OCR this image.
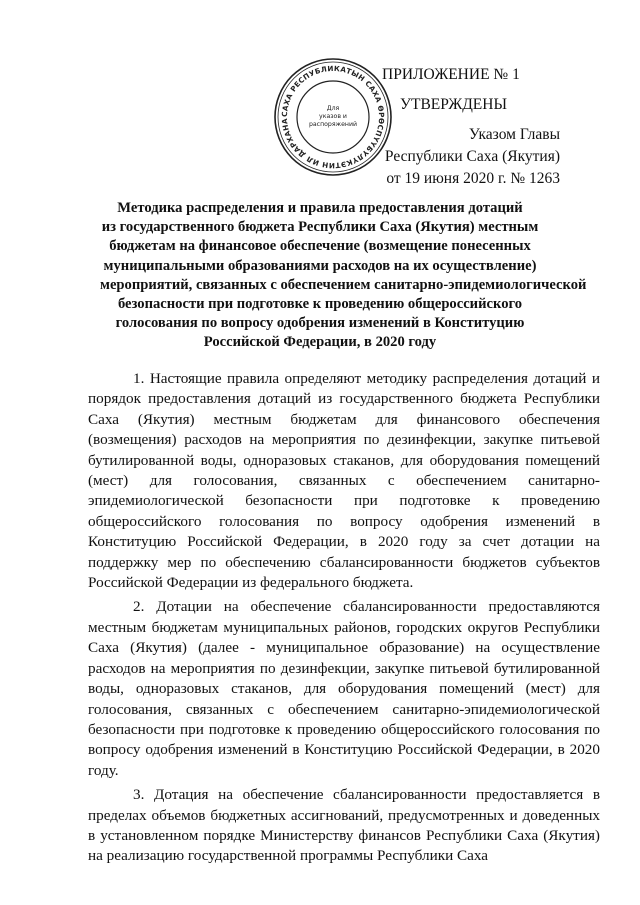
САХА РЕСПУБЛИКАТЫН САХА ӨРӨСПҮҮБҮЛҮКЭТИН ИЛ ДАРХАНА
Для указов и распоряжений
ПРИЛОЖЕНИЕ № 1
УТВЕРЖДЕНЫ
Указом Главы
Республики Саха (Якутия)
от 19 июня 2020 г. № 1263
Методика распределения и правила предоставления дотаций
из государственного бюджета Республики Саха (Якутия) местным
бюджетам на финансовое обеспечение (возмещение понесенных
муниципальными образованиями расходов на их осуществление)
мероприятий, связанных с обеспечением санитарно-эпидемиологической
безопасности при подготовке к проведению общероссийского
голосования по вопросу одобрения изменений в Конституцию
Российской Федерации, в 2020 году

1. Настоящие правила определяют методику распределения дотаций и порядок предоставления дотаций из государственного бюджета Республики Саха (Якутия) местным бюджетам для финансового обеспечения (возмещения) расходов на мероприятия по дезинфекции, закупке питьевой бутилированной воды, одноразовых стаканов, для оборудования помещений (мест) для голосования, связанных с обеспечением санитарно-эпидемиологической безопасности при подготовке к проведению общероссийского голосования по вопросу одобрения изменений в Конституцию Российской Федерации, в 2020 году за счет дотации на поддержку мер по обеспечению сбалансированности бюджетов субъектов Российской Федерации из федерального бюджета.

2. Дотации на обеспечение сбалансированности предоставляются местным бюджетам муниципальных районов, городских округов Республики Саха (Якутия) (далее - муниципальное образование) на осуществление расходов на мероприятия по дезинфекции, закупке питьевой бутилированной воды, одноразовых стаканов, для оборудования помещений (мест) для голосования, связанных с обеспечением санитарно-эпидемиологической безопасности при подготовке к проведению общероссийского голосования по вопросу одобрения изменений в Конституцию Российской Федерации, в 2020 году.

3. Дотация на обеспечение сбалансированности предоставляется в пределах объемов бюджетных ассигнований, предусмотренных и доведенных в установленном порядке Министерству финансов Республики Саха (Якутия) на реализацию государственной программы Республики Саха
